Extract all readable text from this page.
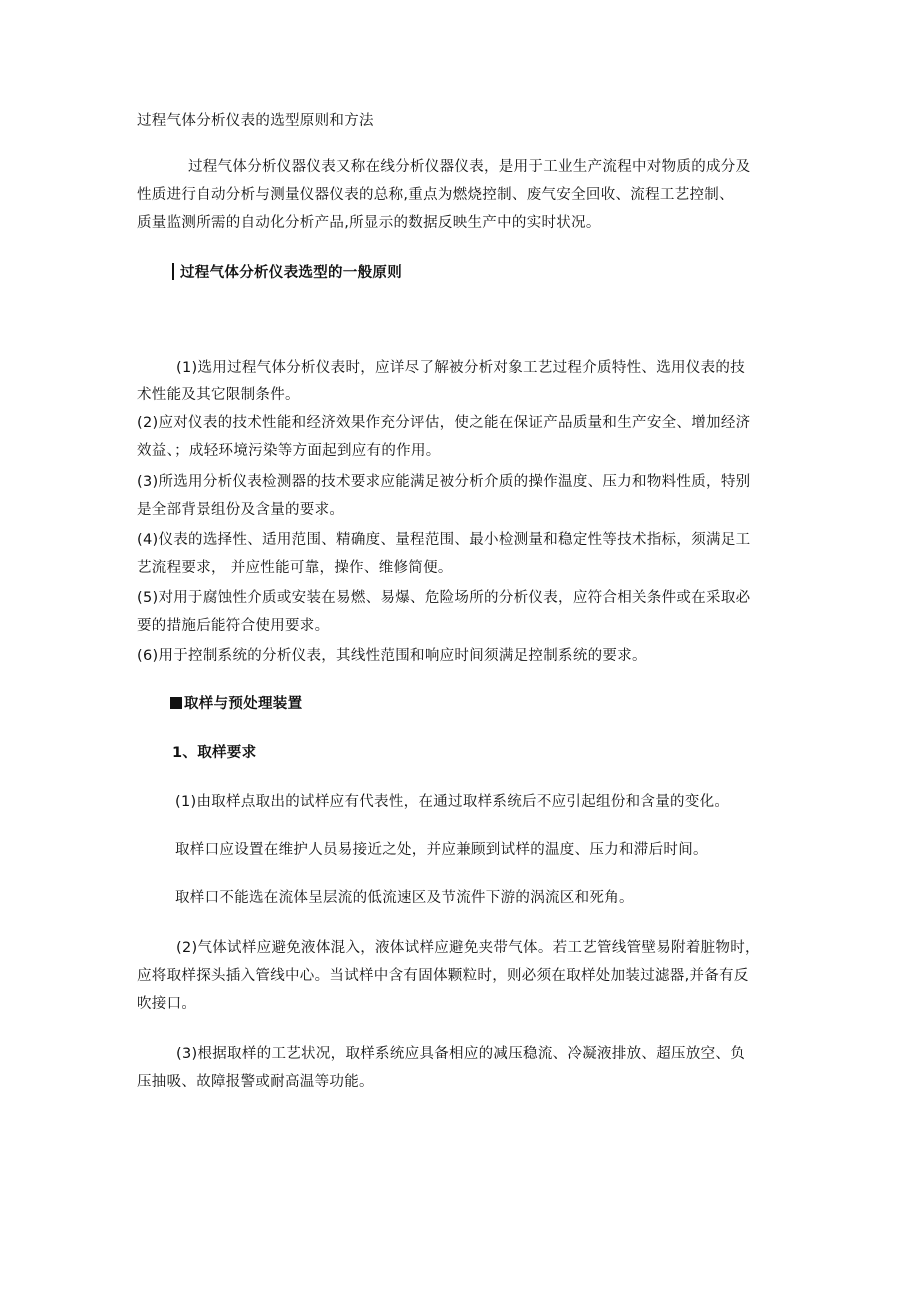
过程气体分析仪表的选型原则和方法
过程气体分析仪器仪表又称在线分析仪器仪表，是用于工业生产流程中对物质的成分及
性质进行自动分析与测量仪器仪表的总称,重点为燃烧控制、废气安全回收、流程工艺控制、
质量监测所需的自动化分析产品,所显示的数据反映生产中的实时状况。
过程气体分析仪表选型的一般原则
(1)选用过程气体分析仪表时，应详尽了解被分析对象工艺过程介质特性、选用仪表的技
术性能及其它限制条件。
(2)应对仪表的技术性能和经济效果作充分评估，使之能在保证产品质量和生产安全、增加经济
效益、；成轻环境污染等方面起到应有的作用。
(3)所选用分析仪表检测器的技术要求应能满足被分析介质的操作温度、压力和物料性质，特别
是全部背景组份及含量的要求。
(4)仪表的选择性、适用范围、精确度、量程范围、最小检测量和稳定性等技术指标，须满足工
艺流程要求， 并应性能可靠，操作、维修简便。
(5)对用于腐蚀性介质或安装在易燃、易爆、危险场所的分析仪表，应符合相关条件或在采取必
要的措施后能符合使用要求。
(6)用于控制系统的分析仪表，其线性范围和响应时间须满足控制系统的要求。
取样与预处理装置
1、取样要求
(1)由取样点取出的试样应有代表性，在通过取样系统后不应引起组份和含量的变化。
取样口应设置在维护人员易接近之处，并应兼顾到试样的温度、压力和滞后时间。
取样口不能选在流体呈层流的低流速区及节流件下游的涡流区和死角。
(2)气体试样应避免液体混入，液体试样应避免夹带气体。若工艺管线管壁易附着脏物时，
应将取样探头插入管线中心。当试样中含有固体颗粒时，则必须在取样处加装过滤器,并备有反
吹接口。
(3)根据取样的工艺状况，取样系统应具备相应的减压稳流、冷凝液排放、超压放空、负
压抽吸、故障报警或耐高温等功能。
